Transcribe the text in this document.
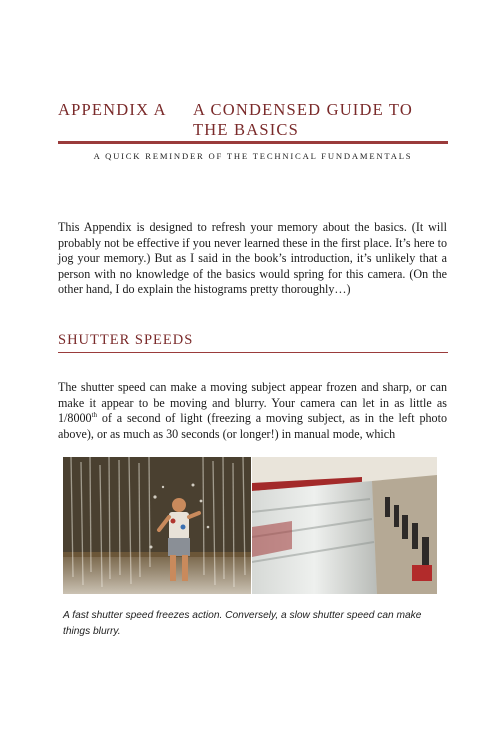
APPENDIX A A CONDENSED GUIDE TO THE BASICS
A QUICK REMINDER OF THE TECHNICAL FUNDAMENTALS

This Appendix is designed to refresh your memory about the basics. (It will probably not be effective if you never learned these in the first place. It’s here to jog your memory.) But as I said in the book’s introduction, it’s unlikely that a person with no knowledge of the basics would spring for this camera. (On the other hand, I do explain the histograms pretty thoroughly…)

SHUTTER SPEEDS

The shutter speed can make a moving subject appear frozen and sharp, or can make it appear to be moving and blurry. Your camera can let in as little as 1/8000th of a second of light (freezing a moving subject, as in the left photo above), or as much as 30 seconds (or longer!) in manual mode, which

A fast shutter speed freezes action. Conversely, a slow shutter speed can make things blurry.
